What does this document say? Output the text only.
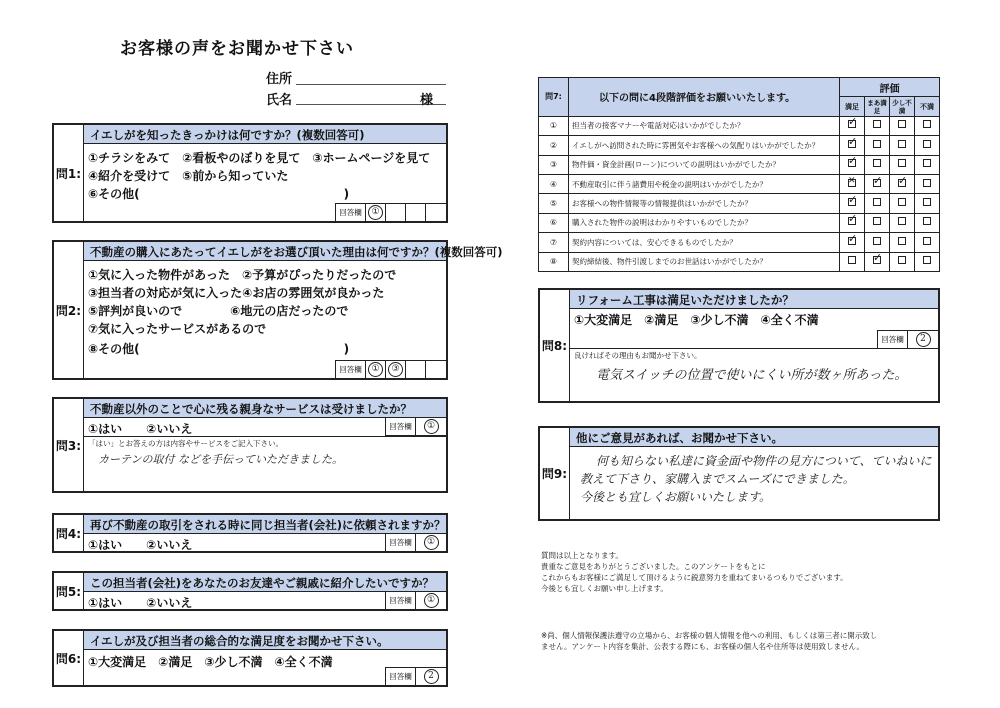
お客様の声をお聞かせ下さい
住所
氏名	様
問1:
イエしがを知ったきっかけは何ですか？(複数回答可)
①チラシをみて　②看板やのぼりを見て　③ホームページを見て
④紹介を受けて　⑤前から知っていた
⑥その他(　　　　　　　　　　　　　　　　　)
回答欄	①
問2:
不動産の購入にあたってイエしがをお選び頂いた理由は何ですか？(複数回答可)
①気に入った物件があった　②予算がぴったりだったので
③担当者の対応が気に入った④お店の雰囲気が良かった
⑤評判が良いので　　　　⑥地元の店だったので
⑦気に入ったサービスがあるので
⑧その他(　　　　　　　　　　　　　　　　　)
回答欄	①	③
問3:
不動産以外のことで心に残る親身なサービスは受けましたか？
①はい　　②いいえ	回答欄	①
「はい」とお答えの方は内容やサービスをご記入下さい。
カーテンの取付 などを手伝っていただきました。
問4:
再び不動産の取引をされる時に同じ担当者(会社)に依頼されますか？
①はい　　②いいえ	回答欄	①
問5:
この担当者(会社)をあなたのお友達やご親戚に紹介したいですか？
①はい　　②いいえ	回答欄	①
問6:
イエしが及び担当者の総合的な満足度をお聞かせ下さい。
①大変満足　②満足　③少し不満　④全く不満
回答欄	2
問7:	以下の問に4段階評価をお願いいたします。	評価			
		満足	まあ満足	少し不満	不満
①	担当者の接客マナーや電話対応はいかがでしたか？	✓			
②	イエしがへ訪問された時に雰囲気やお客様への気配りはいかがでしたか？	✓			
③	物件価・資金計画(ローン)についての説明はいかがでしたか？	✓			
④	不動産取引に伴う諸費用や税金の説明はいかがでしたか？	✕	✓	✓	
⑤	お客様への物件情報等の情報提供はいかがでしたか？	✓			
⑥	購入された物件の説明はわかりやすいものでしたか？	✓			
⑦	契約内容については、安心できるものでしたか？	✓			
⑧	契約締結後、物件引渡しまでのお世話はいかがでしたか？		✓		
問8:
リフォーム工事は満足いただけましたか？
①大変満足　②満足　③少し不満　④全く不満
回答欄	2
良ければその理由もお聞かせ下さい。
電気スイッチの位置で使いにくい所が数ヶ所あった。
問9:
他にご意見があれば、お聞かせ下さい。
何も知らない私達に資金面や物件の見方について、ていねいに
教えて下さり、家購入までスムーズにできました。
今後とも宜しくお願いいたします。
質問は以上となります。
貴重なご意見をありがとうございました。このアンケートをもとに
これからもお客様にご満足して頂けるように鋭意努力を重ねてまいるつもりでございます。
今後とも宜しくお願い申し上げます。
※尚、個人情報保護法遵守の立場から、お客様の個人情報を他への利用、もしくは第三者に開示致し
ません。アンケート内容を集計、公表する際にも、お客様の個人名や住所等は使用致しません。
